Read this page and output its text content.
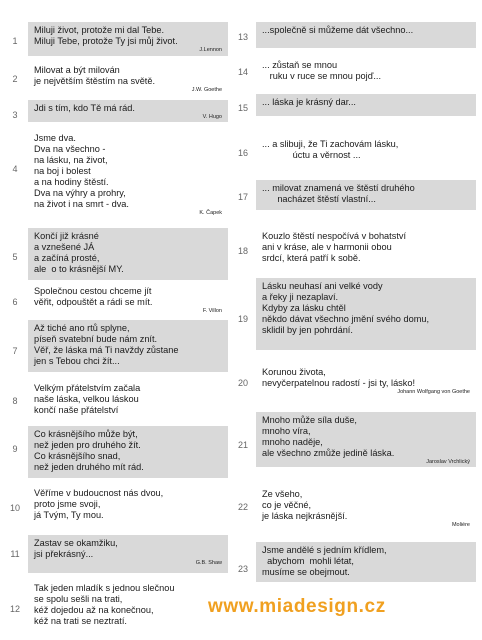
1
Miluji život, protože mi dal Tebe.
Miluji Tebe, protože Ty jsi můj život.
J.Lennon
2
Milovat a být milován
je největším štěstím na světě.
J.W. Goethe
3
Jdi s tím, kdo Tě má rád.
V. Hugo
4
Jsme dva.
Dva na všechno -
na lásku, na život,
na boj i bolest
a na hodiny štěstí.
Dva na výhry a prohry,
na život i na smrt - dva.
K. Čapek
5
Končí již krásné
a vznešené JÁ
a začíná prosté,
ale  o to krásnější MY.
6
Společnou cestou chceme jít
věřit, odpouštět a rádi se mít.
F. Villon
7
Až tiché ano rtů splyne,
píseň svatební bude nám znít.
Věř, že láska má Ti navždy zůstane
jen s Tebou chci žít...
8
Velkým přátelstvím začala
naše láska, velkou láskou
končí naše přátelství
9
Co krásnějšího může být,
než jeden pro druhého žít.
Co krásnějšího snad,
než jeden druhého mít rád.
10
Věříme v budoucnost nás dvou,
proto jsme svoji,
já Tvým, Ty mou.
11
Zastav se okamžiku,
jsi překrásný...
G.B. Shaw
12
Tak jeden mladík s jednou slečnou
se spolu sešli na trati,
kéž dojedou až na konečnou,
kéž na trati se neztratí.
13
...společně si můžeme dát všechno...
14
... zůstaň se mnou
ruku v ruce se mnou pojď...
15
... láska je krásný dar...
16
... a slibuji, že Ti zachovám lásku,
úctu a věrnost ...
17
... milovat znamená ve štěstí druhého
nacházet štěstí vlastní...
18
Kouzlo štěstí nespočívá v bohatství
ani v kráse, ale v harmonii obou
srdcí, která patří k sobě.
19
Lásku neuhasí ani velké vody
a řeky ji nezaplaví.
Kdyby za lásku chtěl
někdo dávat všechno jmění svého domu,
sklidil by jen pohrdání.
20
Korunou života,
nevyčerpatelnou radostí - jsi ty, lásko!
Johann Wolfgang von Goethe
21
Mnoho může síla duše,
mnoho víra,
mnoho naděje,
ale všechno zmůže jedině láska.
Jaroslav Vrchlický
22
Ze všeho,
co je věčné,
je láska nejkrásnější.
Moliére
23
Jsme andělé s jedním křídlem,
abychom  mohli létat,
musíme se obejmout.
www.miadesign.cz
